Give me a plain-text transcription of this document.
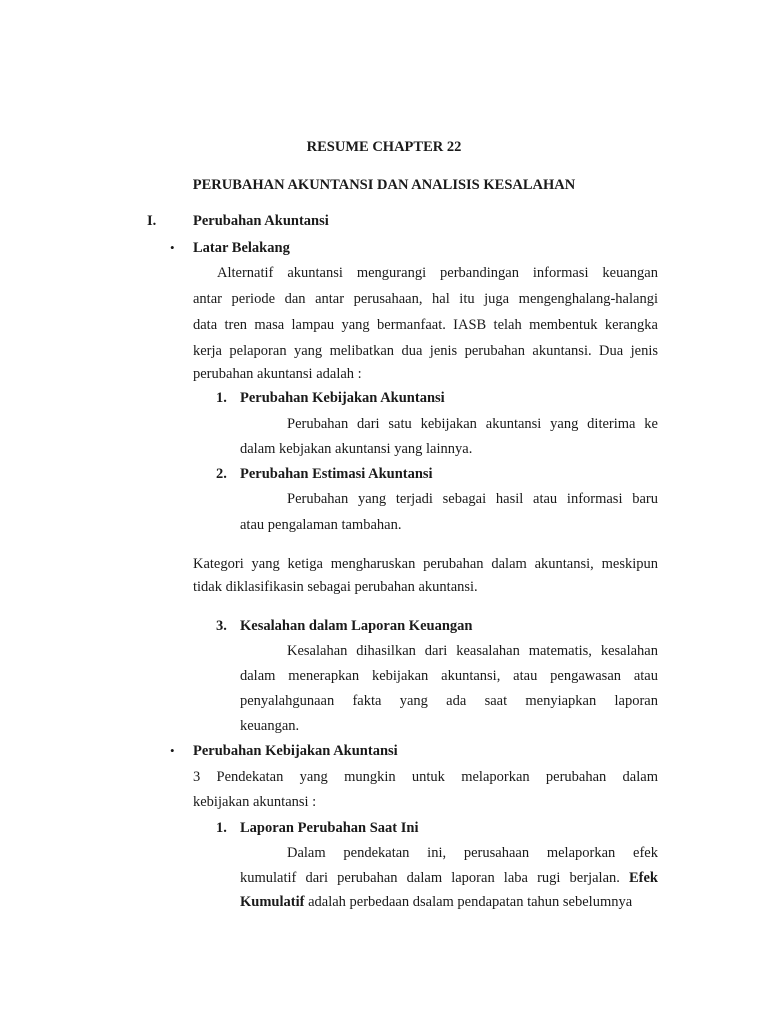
RESUME CHAPTER 22
PERUBAHAN AKUNTANSI DAN ANALISIS KESALAHAN
I.	Perubahan Akuntansi
• Latar Belakang
Alternatif akuntansi mengurangi perbandingan informasi keuangan
antar periode dan antar perusahaan, hal itu juga mengenghalang-halangi
data tren masa lampau yang bermanfaat. IASB telah membentuk kerangka
kerja pelaporan yang melibatkan dua jenis perubahan akuntansi. Dua jenis
perubahan akuntansi adalah :
1. Perubahan Kebijakan Akuntansi
Perubahan dari satu kebijakan akuntansi yang diterima ke
dalam kebjakan akuntansi yang lainnya.
2. Perubahan Estimasi Akuntansi
Perubahan yang terjadi sebagai hasil atau informasi baru
atau pengalaman tambahan.
Kategori yang ketiga mengharuskan perubahan dalam akuntansi, meskipun
tidak diklasifikasin sebagai perubahan akuntansi.
3. Kesalahan dalam Laporan Keuangan
Kesalahan dihasilkan dari keasalahan matematis, kesalahan
dalam menerapkan kebijakan akuntansi, atau pengawasan atau
penyalahgunaan fakta yang ada saat menyiapkan laporan
keuangan.
• Perubahan Kebijakan Akuntansi
3 Pendekatan yang mungkin untuk melaporkan perubahan dalam
kebijakan akuntansi :
1. Laporan Perubahan Saat Ini
Dalam pendekatan ini, perusahaan melaporkan efek
kumulatif dari perubahan dalam laporan laba rugi berjalan. Efek
Kumulatif adalah perbedaan dsalam pendapatan tahun sebelumnya
